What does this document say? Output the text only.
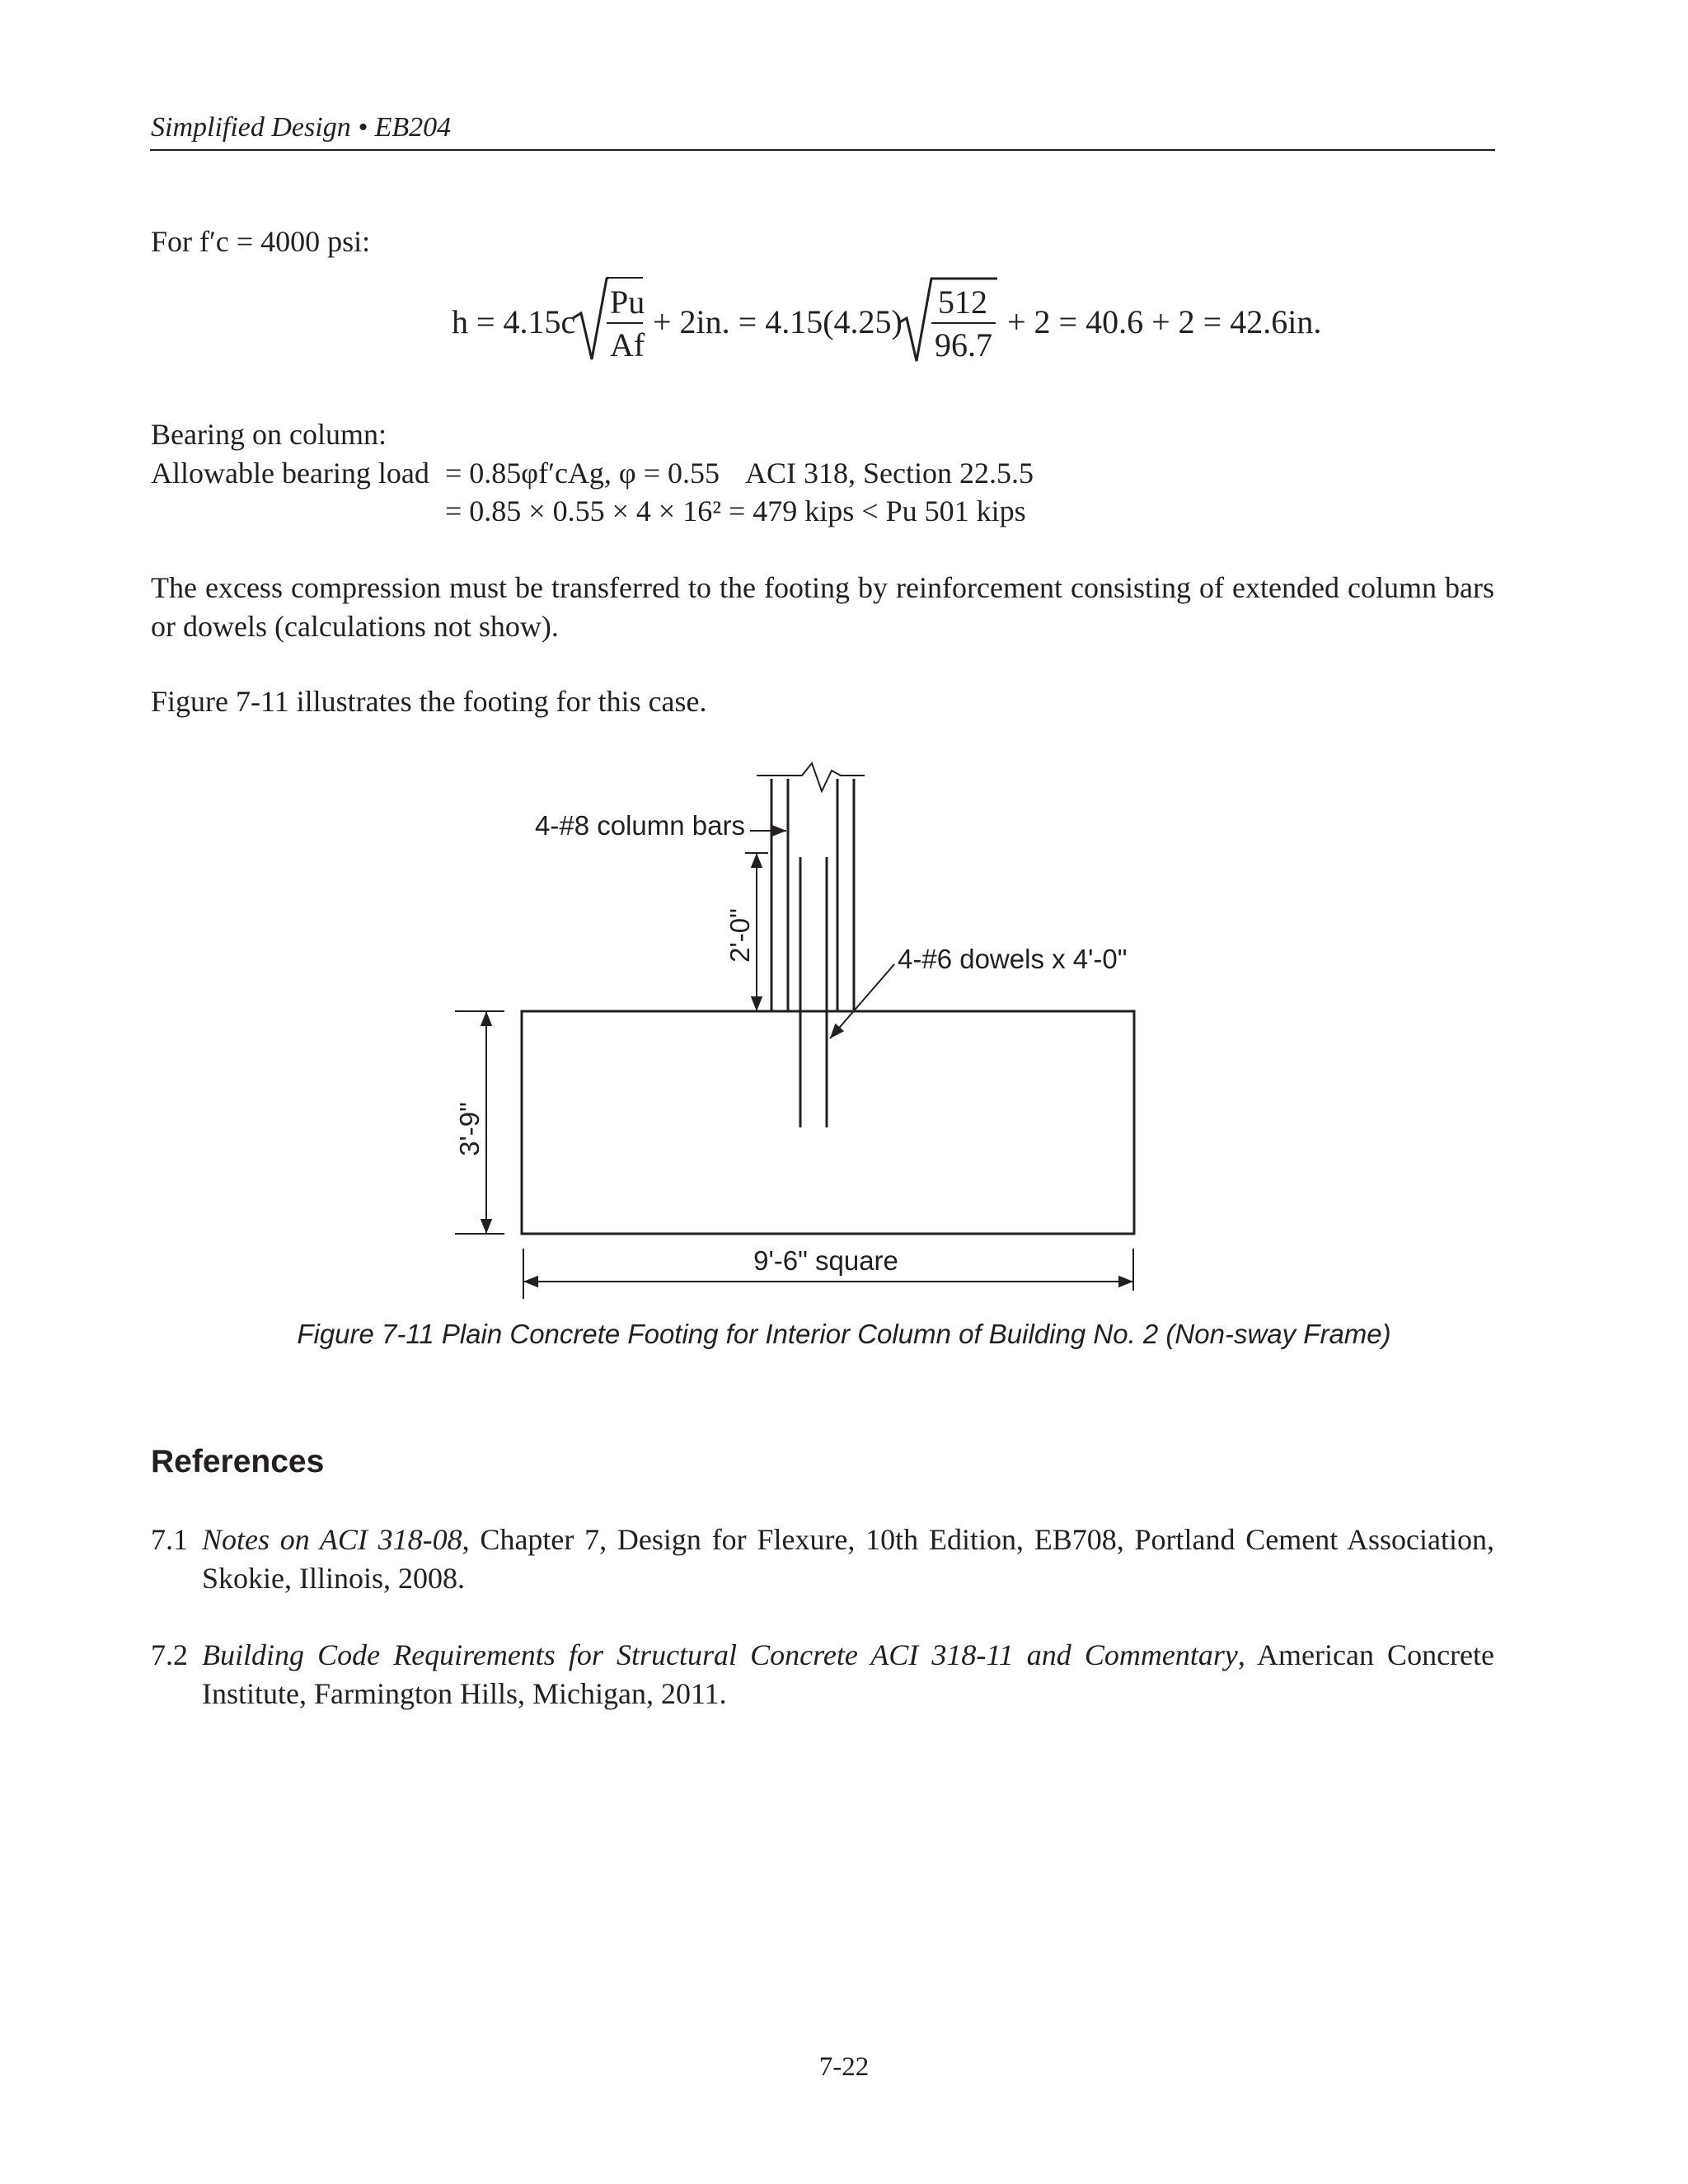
Simplified Design • EB204
For f′c = 4000 psi:
h = 4.15c
Pu
Af
+ 2in. = 4.15(4.25)
512
96.7
+ 2 = 40.6 + 2 = 42.6in.
Bearing on column:
Allowable bearing load = 0.85φf′cAg, φ = 0.55 ACI 318, Section 22.5.5
= 0.85 × 0.55 × 4 × 16² = 479 kips < Pu 501 kips
The excess compression must be transferred to the footing by reinforcement consisting of extended column bars or dowels (calculations not show).
Figure 7-11 illustrates the footing for this case.
4-#8 column bars
4-#6 dowels x 4'-0"
2'-0"
3'-9"
9'-6" square
Figure 7-11 Plain Concrete Footing for Interior Column of Building No. 2 (Non-sway Frame)
References
7.1 Notes on ACI 318-08, Chapter 7, Design for Flexure, 10th Edition, EB708, Portland Cement Association, Skokie, Illinois, 2008.
7.2 Building Code Requirements for Structural Concrete ACI 318-11 and Commentary, American Concrete Institute, Farmington Hills, Michigan, 2011.
7-22
